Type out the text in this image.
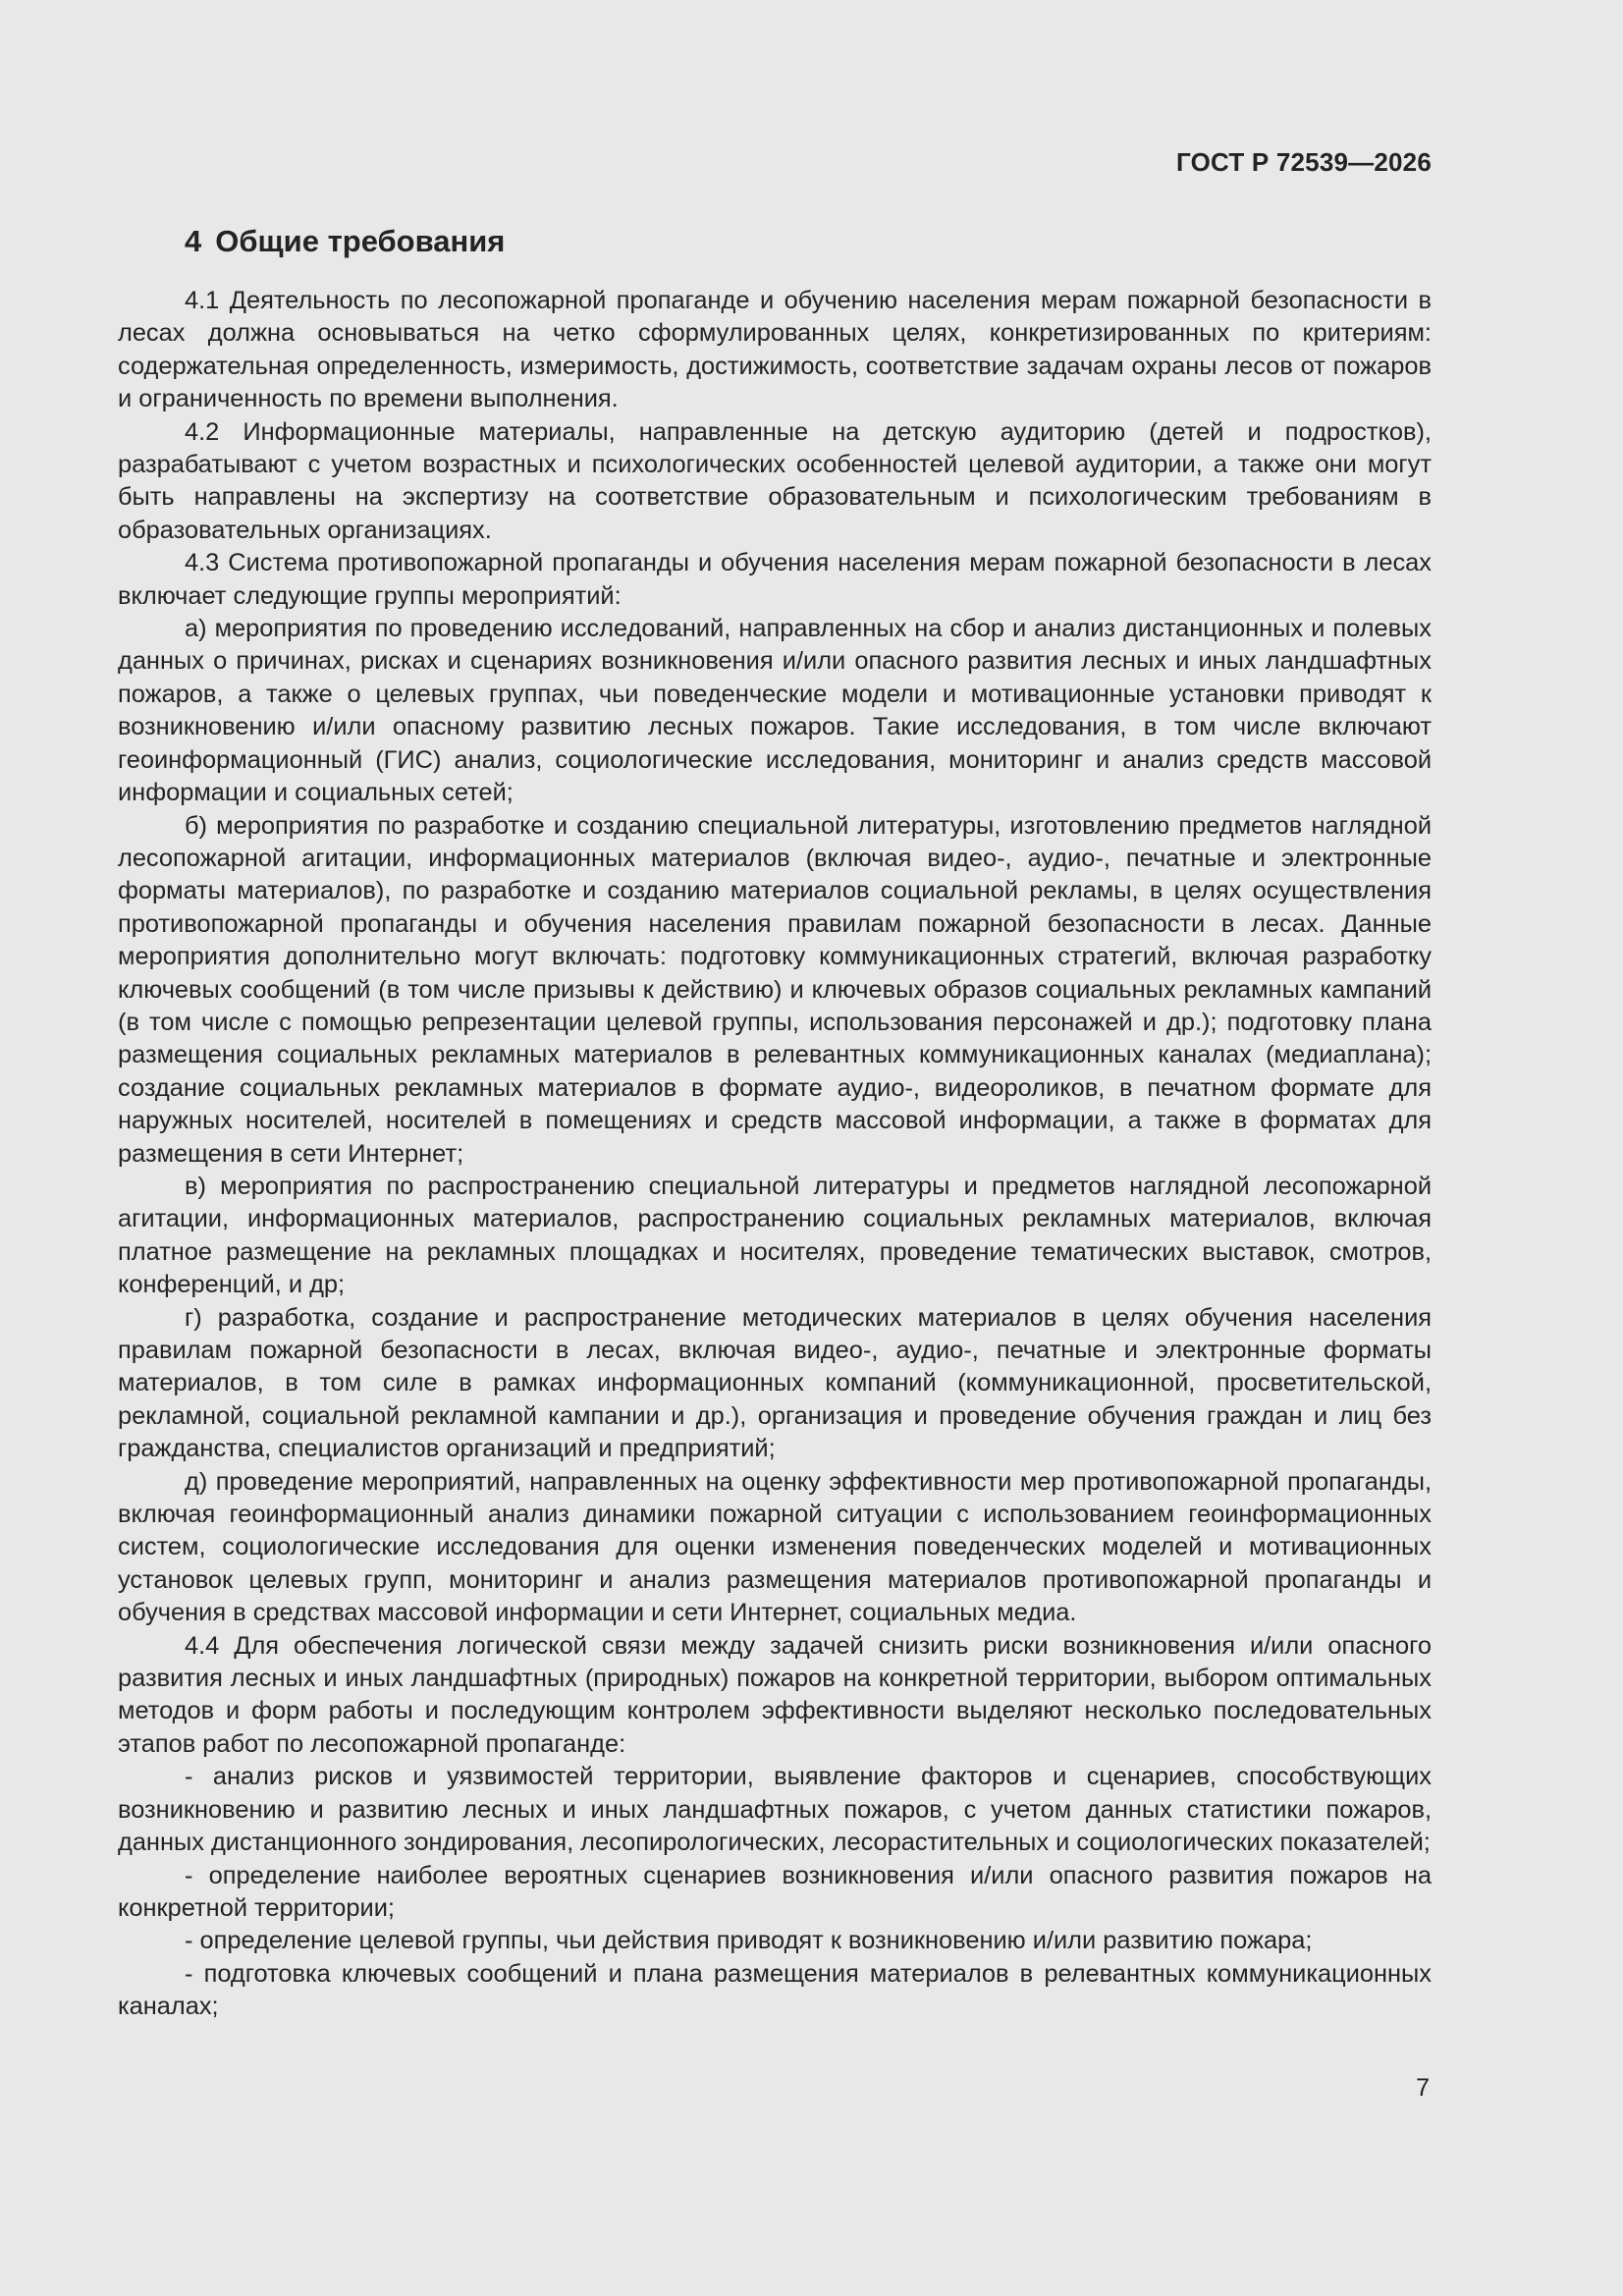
ГОСТ Р 72539—2026
4 Общие требования

4.1 Деятельность по лесопожарной пропаганде и обучению населения мерам пожарной безопасности в лесах должна основываться на четко сформулированных целях, конкретизированных по критериям: содержательная определенность, измеримость, достижимость, соответствие задачам охраны лесов от пожаров и ограниченность по времени выполнения.

4.2 Информационные материалы, направленные на детскую аудиторию (детей и подростков), разрабатывают с учетом возрастных и психологических особенностей целевой аудитории, а также они могут быть направлены на экспертизу на соответствие образовательным и психологическим требованиям в образовательных организациях.

4.3 Система противопожарной пропаганды и обучения населения мерам пожарной безопасности в лесах включает следующие группы мероприятий:

а) мероприятия по проведению исследований, направленных на сбор и анализ дистанционных и полевых данных о причинах, рисках и сценариях возникновения и/или опасного развития лесных и иных ландшафтных пожаров, а также о целевых группах, чьи поведенческие модели и мотивационные установки приводят к возникновению и/или опасному развитию лесных пожаров. Такие исследования, в том числе включают геоинформационный (ГИС) анализ, социологические исследования, мониторинг и анализ средств массовой информации и социальных сетей;

б) мероприятия по разработке и созданию специальной литературы, изготовлению предметов наглядной лесопожарной агитации, информационных материалов (включая видео-, аудио-, печатные и электронные форматы материалов), по разработке и созданию материалов социальной рекламы, в целях осуществления противопожарной пропаганды и обучения населения правилам пожарной безопасности в лесах. Данные мероприятия дополнительно могут включать: подготовку коммуникационных стратегий, включая разработку ключевых сообщений (в том числе призывы к действию) и ключевых образов социальных рекламных кампаний (в том числе с помощью репрезентации целевой группы, использования персонажей и др.); подготовку плана размещения социальных рекламных материалов в релевантных коммуникационных каналах (медиаплана); создание социальных рекламных материалов в формате аудио-, видеороликов, в печатном формате для наружных носителей, носителей в помещениях и средств массовой информации, а также в форматах для размещения в сети Интернет;

в) мероприятия по распространению специальной литературы и предметов наглядной лесопожарной агитации, информационных материалов, распространению социальных рекламных материалов, включая платное размещение на рекламных площадках и носителях, проведение тематических выставок, смотров, конференций, и др;

г) разработка, создание и распространение методических материалов в целях обучения населения правилам пожарной безопасности в лесах, включая видео-, аудио-, печатные и электронные форматы материалов, в том силе в рамках информационных компаний (коммуникационной, просветительской, рекламной, социальной рекламной кампании и др.), организация и проведение обучения граждан и лиц без гражданства, специалистов организаций и предприятий;

д) проведение мероприятий, направленных на оценку эффективности мер противопожарной пропаганды, включая геоинформационный анализ динамики пожарной ситуации с использованием геоинформационных систем, социологические исследования для оценки изменения поведенческих моделей и мотивационных установок целевых групп, мониторинг и анализ размещения материалов противопожарной пропаганды и обучения в средствах массовой информации и сети Интернет, социальных медиа.

4.4 Для обеспечения логической связи между задачей снизить риски возникновения и/или опасного развития лесных и иных ландшафтных (природных) пожаров на конкретной территории, выбором оптимальных методов и форм работы и последующим контролем эффективности выделяют несколько последовательных этапов работ по лесопожарной пропаганде:

- анализ рисков и уязвимостей территории, выявление факторов и сценариев, способствующих возникновению и развитию лесных и иных ландшафтных пожаров, с учетом данных статистики пожаров, данных дистанционного зондирования, лесопирологических, лесорастительных и социологических показателей;

- определение наиболее вероятных сценариев возникновения и/или опасного развития пожаров на конкретной территории;

- определение целевой группы, чьи действия приводят к возникновению и/или развитию пожара;

- подготовка ключевых сообщений и плана размещения материалов в релевантных коммуникационных каналах;

7
